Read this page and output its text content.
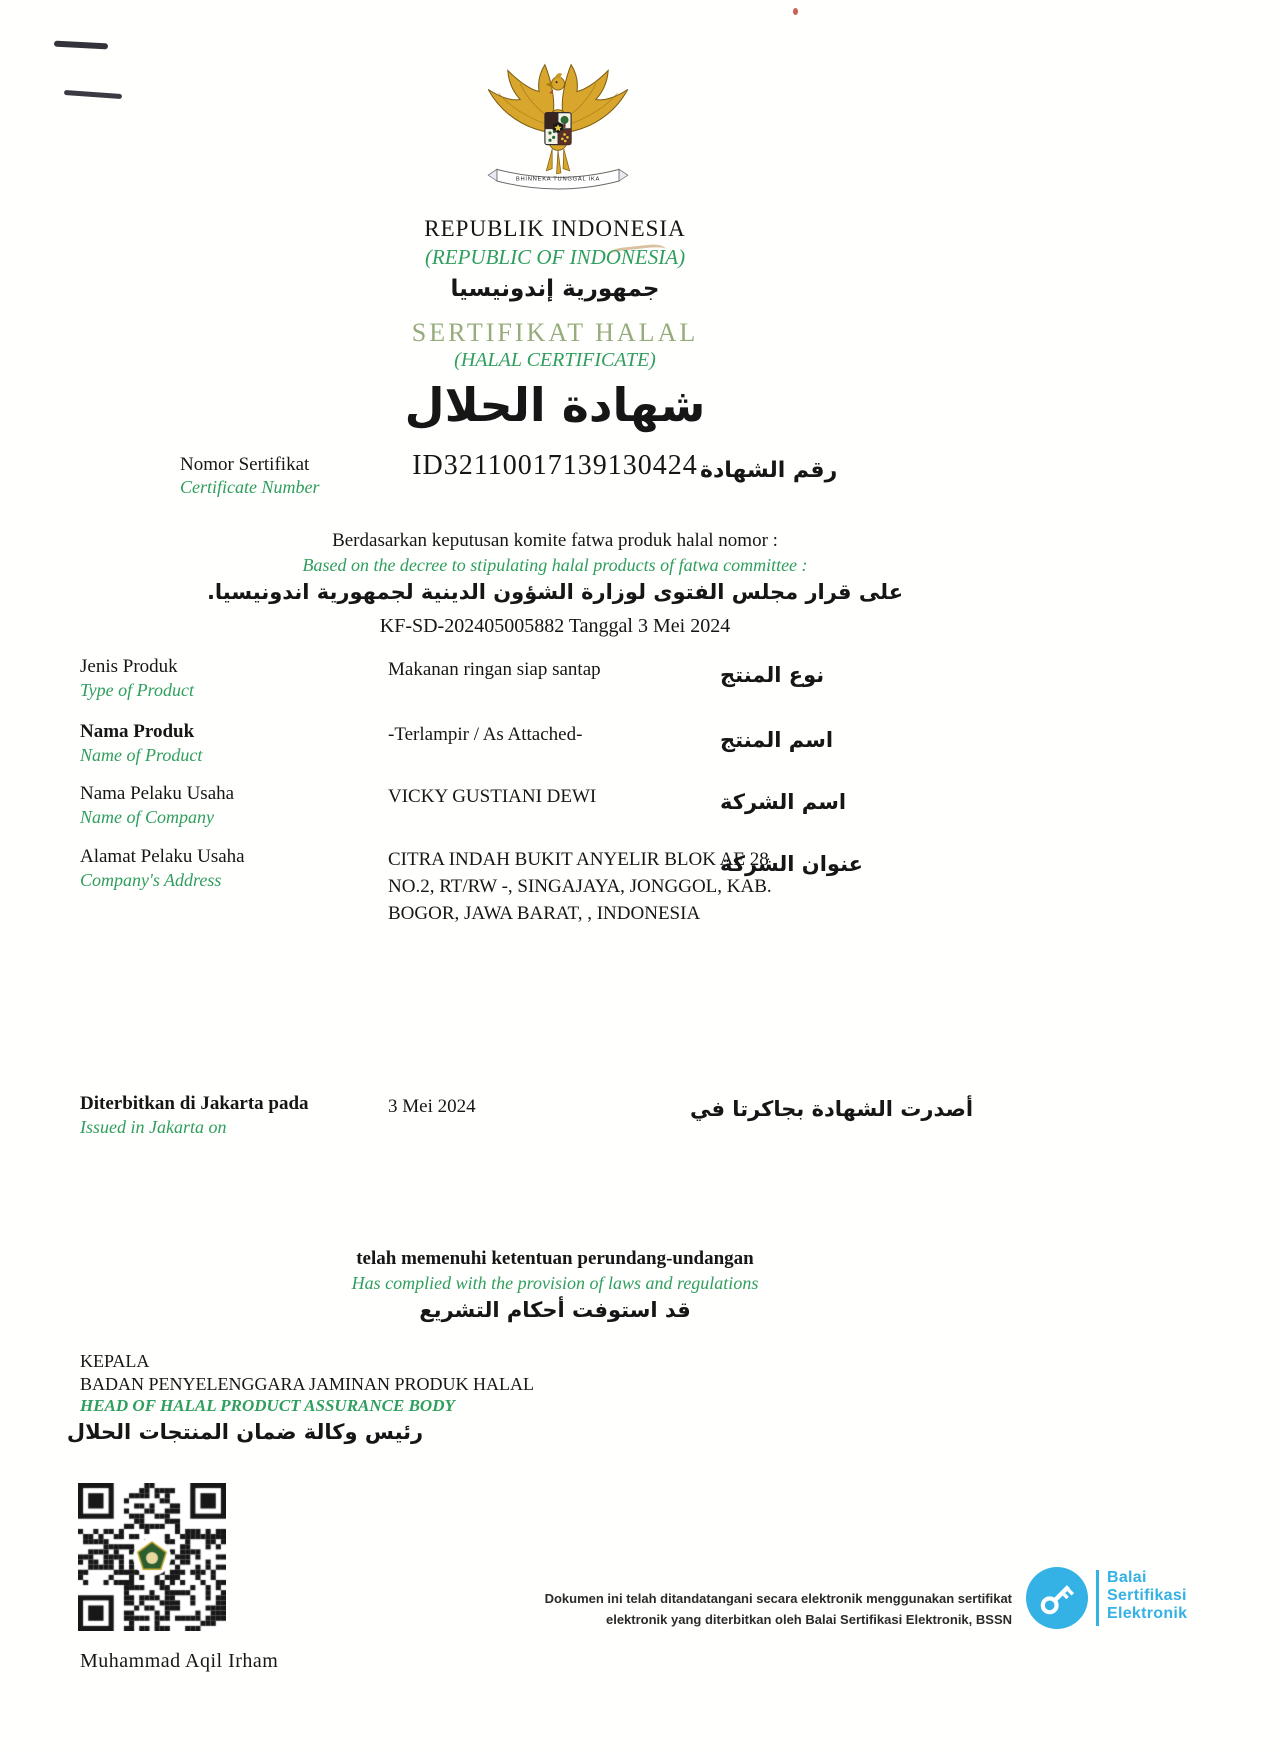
BHINNEKA TUNGGAL IKA
REPUBLIK INDONESIA
(REPUBLIC OF INDONESIA)
جمهورية إندونيسيا
SERTIFIKAT HALAL
(HALAL CERTIFICATE)
شهادة الحلال
Nomor Sertifikat
Certificate Number
ID32110017139130424 رقم الشهادة
Berdasarkan keputusan komite fatwa produk halal nomor :
Based on the decree to stipulating halal products of fatwa committee :
على قرار مجلس الفتوى لوزارة الشؤون الدينية لجمهورية اندونيسيا.
KF-SD-202405005882 Tanggal 3 Mei 2024
Jenis Produk
Type of Product
Makanan ringan siap santap	نوع المنتج
Nama Produk
Name of Product
-Terlampir / As Attached-	اسم المنتج
Nama Pelaku Usaha
Name of Company
VICKY GUSTIANI DEWI	اسم الشركة
Alamat Pelaku Usaha
Company's Address
CITRA INDAH BUKIT ANYELIR BLOK AE 28
NO.2, RT/RW -, SINGAJAYA, JONGGOL, KAB.
BOGOR, JAWA BARAT, , INDONESIA
عنوان الشركة
Diterbitkan di Jakarta pada
Issued in Jakarta on
3 Mei 2024	أصدرت الشهادة بجاكرتا في
telah memenuhi ketentuan perundang-undangan
Has complied with the provision of laws and regulations
قد استوفت أحكام التشريع
KEPALA
BADAN PENYELENGGARA JAMINAN PRODUK HALAL
HEAD OF HALAL PRODUCT ASSURANCE BODY
رئيس وكالة ضمان المنتجات الحلال
Muhammad Aqil Irham
Dokumen ini telah ditandatangani secara elektronik menggunakan sertifikat
elektronik yang diterbitkan oleh Balai Sertifikasi Elektronik, BSSN
Balai
Sertifikasi
Elektronik
